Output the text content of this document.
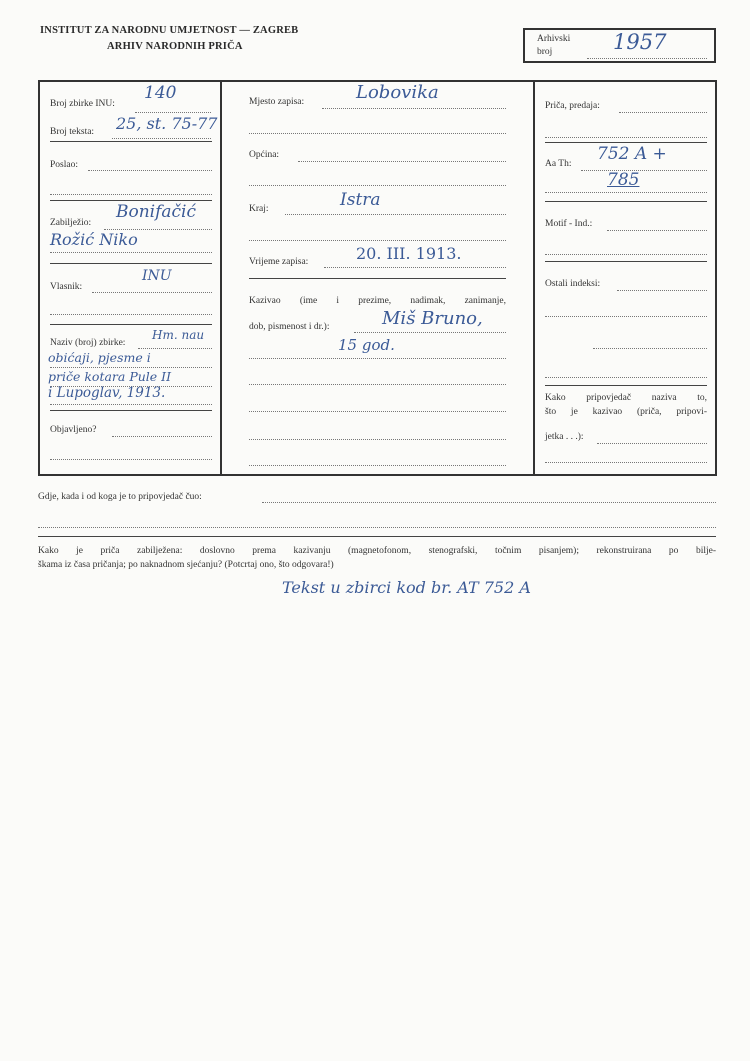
INSTITUT ZA NARODNU UMJETNOST — ZAGREB
ARHIV NARODNIH PRIČA
Arhivski
broj	1957
Broj zbirke INU:
140
Broj teksta: 25, st. 75-77
Poslao:
Zabilježio:
Bonifačić
Rožić Niko
Vlasnik:
INU
Naziv (broj) zbirke:
Hm. nau
obićaji, pjesme i
priče kotara Pule II
i Lupoglav, 1913.
Objavljeno?
Mjesto zapisa:	Lobovika
Općina:
Kraj:	Istra
Vrijeme zapisa:	20. III. 1913.
Kazivao (ime i prezime, nadimak, zanimanje,
dob, pismenost i dr.):	Miš Bruno,
15 god.
Priča, predaja:
Aa Th: 752 A +
785
Motif - Ind.:
Ostali indeksi:
Kako pripovjedač naziva to,
što je kazivao (priča, pripovi-
jetka . . .):
Gdje, kada i od koga je to pripovjedač čuo:
Kako je priča zabilježena: doslovno prema kazivanju (magnetofonom, stenografski, točnim pisanjem); rekonstruirana po bilje-
škama iz časa pričanja; po naknadnom sjećanju? (Potcrtaj ono, što odgovara!)
Tekst u zbirci kod br. AT 752 A
